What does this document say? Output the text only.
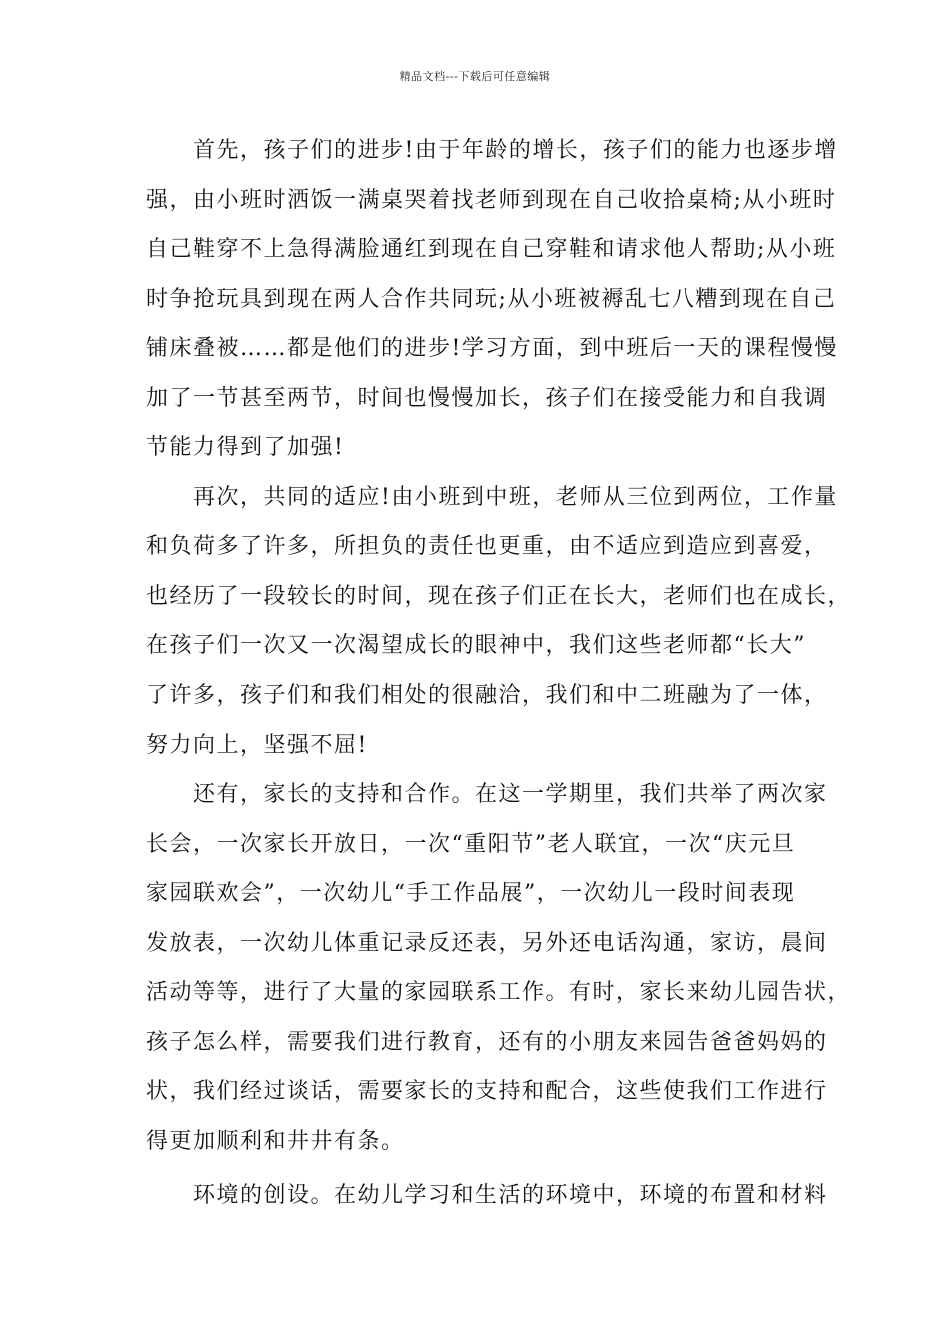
精品文档---下载后可任意编辑
　　首先，孩子们的进步!由于年龄的增长，孩子们的能力也逐步增
强，由小班时洒饭一满桌哭着找老师到现在自己收拾桌椅;从小班时
自己鞋穿不上急得满脸通红到现在自己穿鞋和请求他人帮助;从小班
时争抢玩具到现在两人合作共同玩;从小班被褥乱七八糟到现在自己
铺床叠被……都是他们的进步!学习方面，到中班后一天的课程慢慢
加了一节甚至两节，时间也慢慢加长，孩子们在接受能力和自我调
节能力得到了加强!
　　再次，共同的适应!由小班到中班，老师从三位到两位，工作量
和负荷多了许多，所担负的责任也更重，由不适应到造应到喜爱，
也经历了一段较长的时间，现在孩子们正在长大，老师们也在成长，
在孩子们一次又一次渴望成长的眼神中，我们这些老师都“长大”
了许多，孩子们和我们相处的很融洽，我们和中二班融为了一体，
努力向上，坚强不屈!
　　还有，家长的支持和合作。在这一学期里，我们共举了两次家
长会，一次家长开放日，一次“重阳节”老人联宜，一次“庆元旦
家园联欢会”，一次幼儿“手工作品展”，一次幼儿一段时间表现
发放表，一次幼儿体重记录反还表，另外还电话沟通，家访，晨间
活动等等，进行了大量的家园联系工作。有时，家长来幼儿园告状，
孩子怎么样，需要我们进行教育，还有的小朋友来园告爸爸妈妈的
状，我们经过谈话，需要家长的支持和配合，这些使我们工作进行
得更加顺利和井井有条。
　　环境的创设。在幼儿学习和生活的环境中，环境的布置和材料
